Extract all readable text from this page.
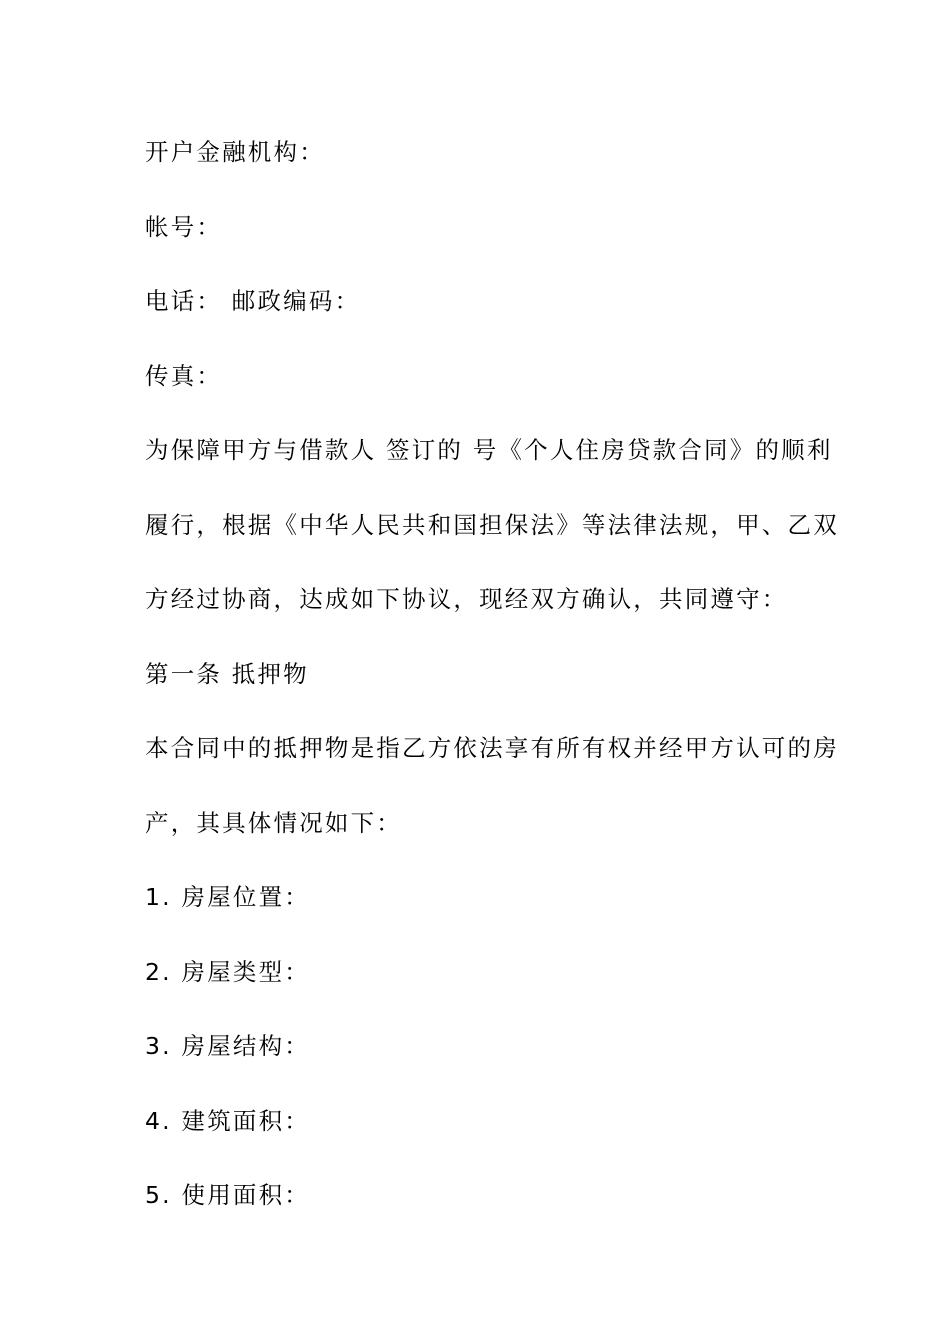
开户金融机构：
帐号：
电话： 邮政编码：
传真：
为保障甲方与借款人 签订的 号《个人住房贷款合同》的顺利
履行，根据《中华人民共和国担保法》等法律法规，甲、乙双
方经过协商，达成如下协议，现经双方确认，共同遵守：
第一条 抵押物
本合同中的抵押物是指乙方依法享有所有权并经甲方认可的房
产，其具体情况如下：
1. 房屋位置：
2. 房屋类型：
3. 房屋结构：
4. 建筑面积：
5. 使用面积：
